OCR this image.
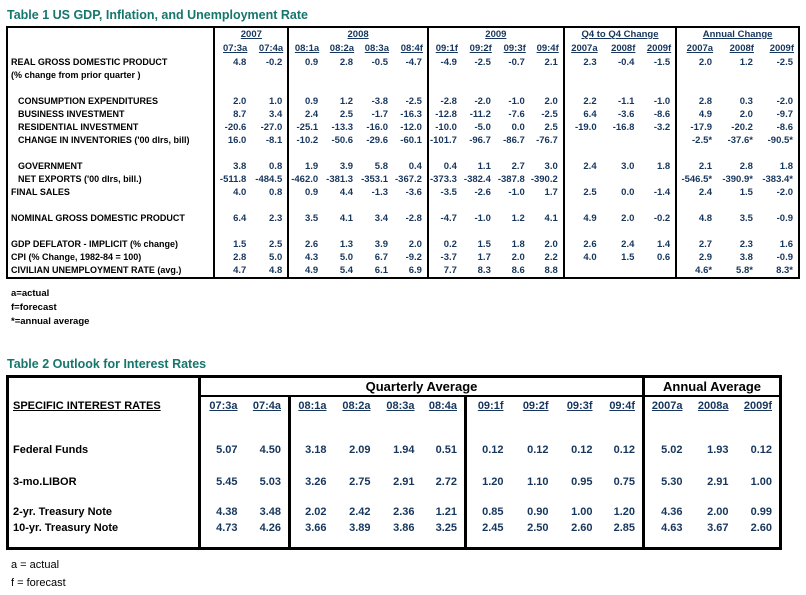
Table 1 US GDP, Inflation, and Unemployment Rate
	2007		2008				2009				Q4 to Q4 Change			Annual Change		
	07:3a	07:4a	08:1a	08:2a	08:3a	08:4f	09:1f	09:2f	09:3f	09:4f	2007a	2008f	2009f	2007a	2008f	2009f
REAL GROSS DOMESTIC PRODUCT	4.8	-0.2	0.9	2.8	-0.5	-4.7	-4.9	-2.5	-0.7	2.1	2.3	-0.4	-1.5	2.0	1.2	-2.5
(% change from prior quarter )																

CONSUMPTION EXPENDITURES	2.0	1.0	0.9	1.2	-3.8	-2.5	-2.8	-2.0	-1.0	2.0	2.2	-1.1	-1.0	2.8	0.3	-2.0
BUSINESS INVESTMENT	8.7	3.4	2.4	2.5	-1.7	-16.3	-12.8	-11.2	-7.6	-2.5	6.4	-3.6	-8.6	4.9	2.0	-9.7
RESIDENTIAL INVESTMENT	-20.6	-27.0	-25.1	-13.3	-16.0	-12.0	-10.0	-5.0	0.0	2.5	-19.0	-16.8	-3.2	-17.9	-20.2	-8.6
CHANGE IN INVENTORIES ('00 dlrs, bill)	16.0	-8.1	-10.2	-50.6	-29.6	-60.1	-101.7	-96.7	-86.7	-76.7				-2.5*	-37.6*	-90.5*

GOVERNMENT	3.8	0.8	1.9	3.9	5.8	0.4	0.4	1.1	2.7	3.0	2.4	3.0	1.8	2.1	2.8	1.8
NET EXPORTS ('00 dlrs, bill.)	-511.8	-484.5	-462.0	-381.3	-353.1	-367.2	-373.3	-382.4	-387.8	-390.2				-546.5*	-390.9*	-383.4*
FINAL SALES	4.0	0.8	0.9	4.4	-1.3	-3.6	-3.5	-2.6	-1.0	1.7	2.5	0.0	-1.4	2.4	1.5	-2.0

NOMINAL GROSS DOMESTIC PRODUCT	6.4	2.3	3.5	4.1	3.4	-2.8	-4.7	-1.0	1.2	4.1	4.9	2.0	-0.2	4.8	3.5	-0.9

GDP DEFLATOR - IMPLICIT (% change)	1.5	2.5	2.6	1.3	3.9	2.0	0.2	1.5	1.8	2.0	2.6	2.4	1.4	2.7	2.3	1.6
CPI (% Change, 1982-84 = 100)	2.8	5.0	4.3	5.0	6.7	-9.2	-3.7	1.7	2.0	2.2	4.0	1.5	0.6	2.9	3.8	-0.9
CIVILIAN UNEMPLOYMENT RATE (avg.)	4.7	4.8	4.9	5.4	6.1	6.9	7.7	8.3	8.6	8.8				4.6*	5.8*	8.3*
a=actual
f=forecast
*=annual average
Table 2 Outlook for Interest Rates
SPECIFIC INTEREST RATES	Quarterly Average										Annual Average		
	07:3a	07:4a	08:1a	08:2a	08:3a	08:4a	09:1f	09:2f	09:3f	09:4f	2007a	2008a	2009f

Federal Funds	5.07	4.50	3.18	2.09	1.94	0.51	0.12	0.12	0.12	0.12	5.02	1.93	0.12

3-mo.LIBOR	5.45	5.03	3.26	2.75	2.91	2.72	1.20	1.10	0.95	0.75	5.30	2.91	1.00

2-yr. Treasury Note	4.38	3.48	2.02	2.42	2.36	1.21	0.85	0.90	1.00	1.20	4.36	2.00	0.99
10-yr. Treasury Note	4.73	4.26	3.66	3.89	3.86	3.25	2.45	2.50	2.60	2.85	4.63	3.67	2.60

a = actual
f = forecast
